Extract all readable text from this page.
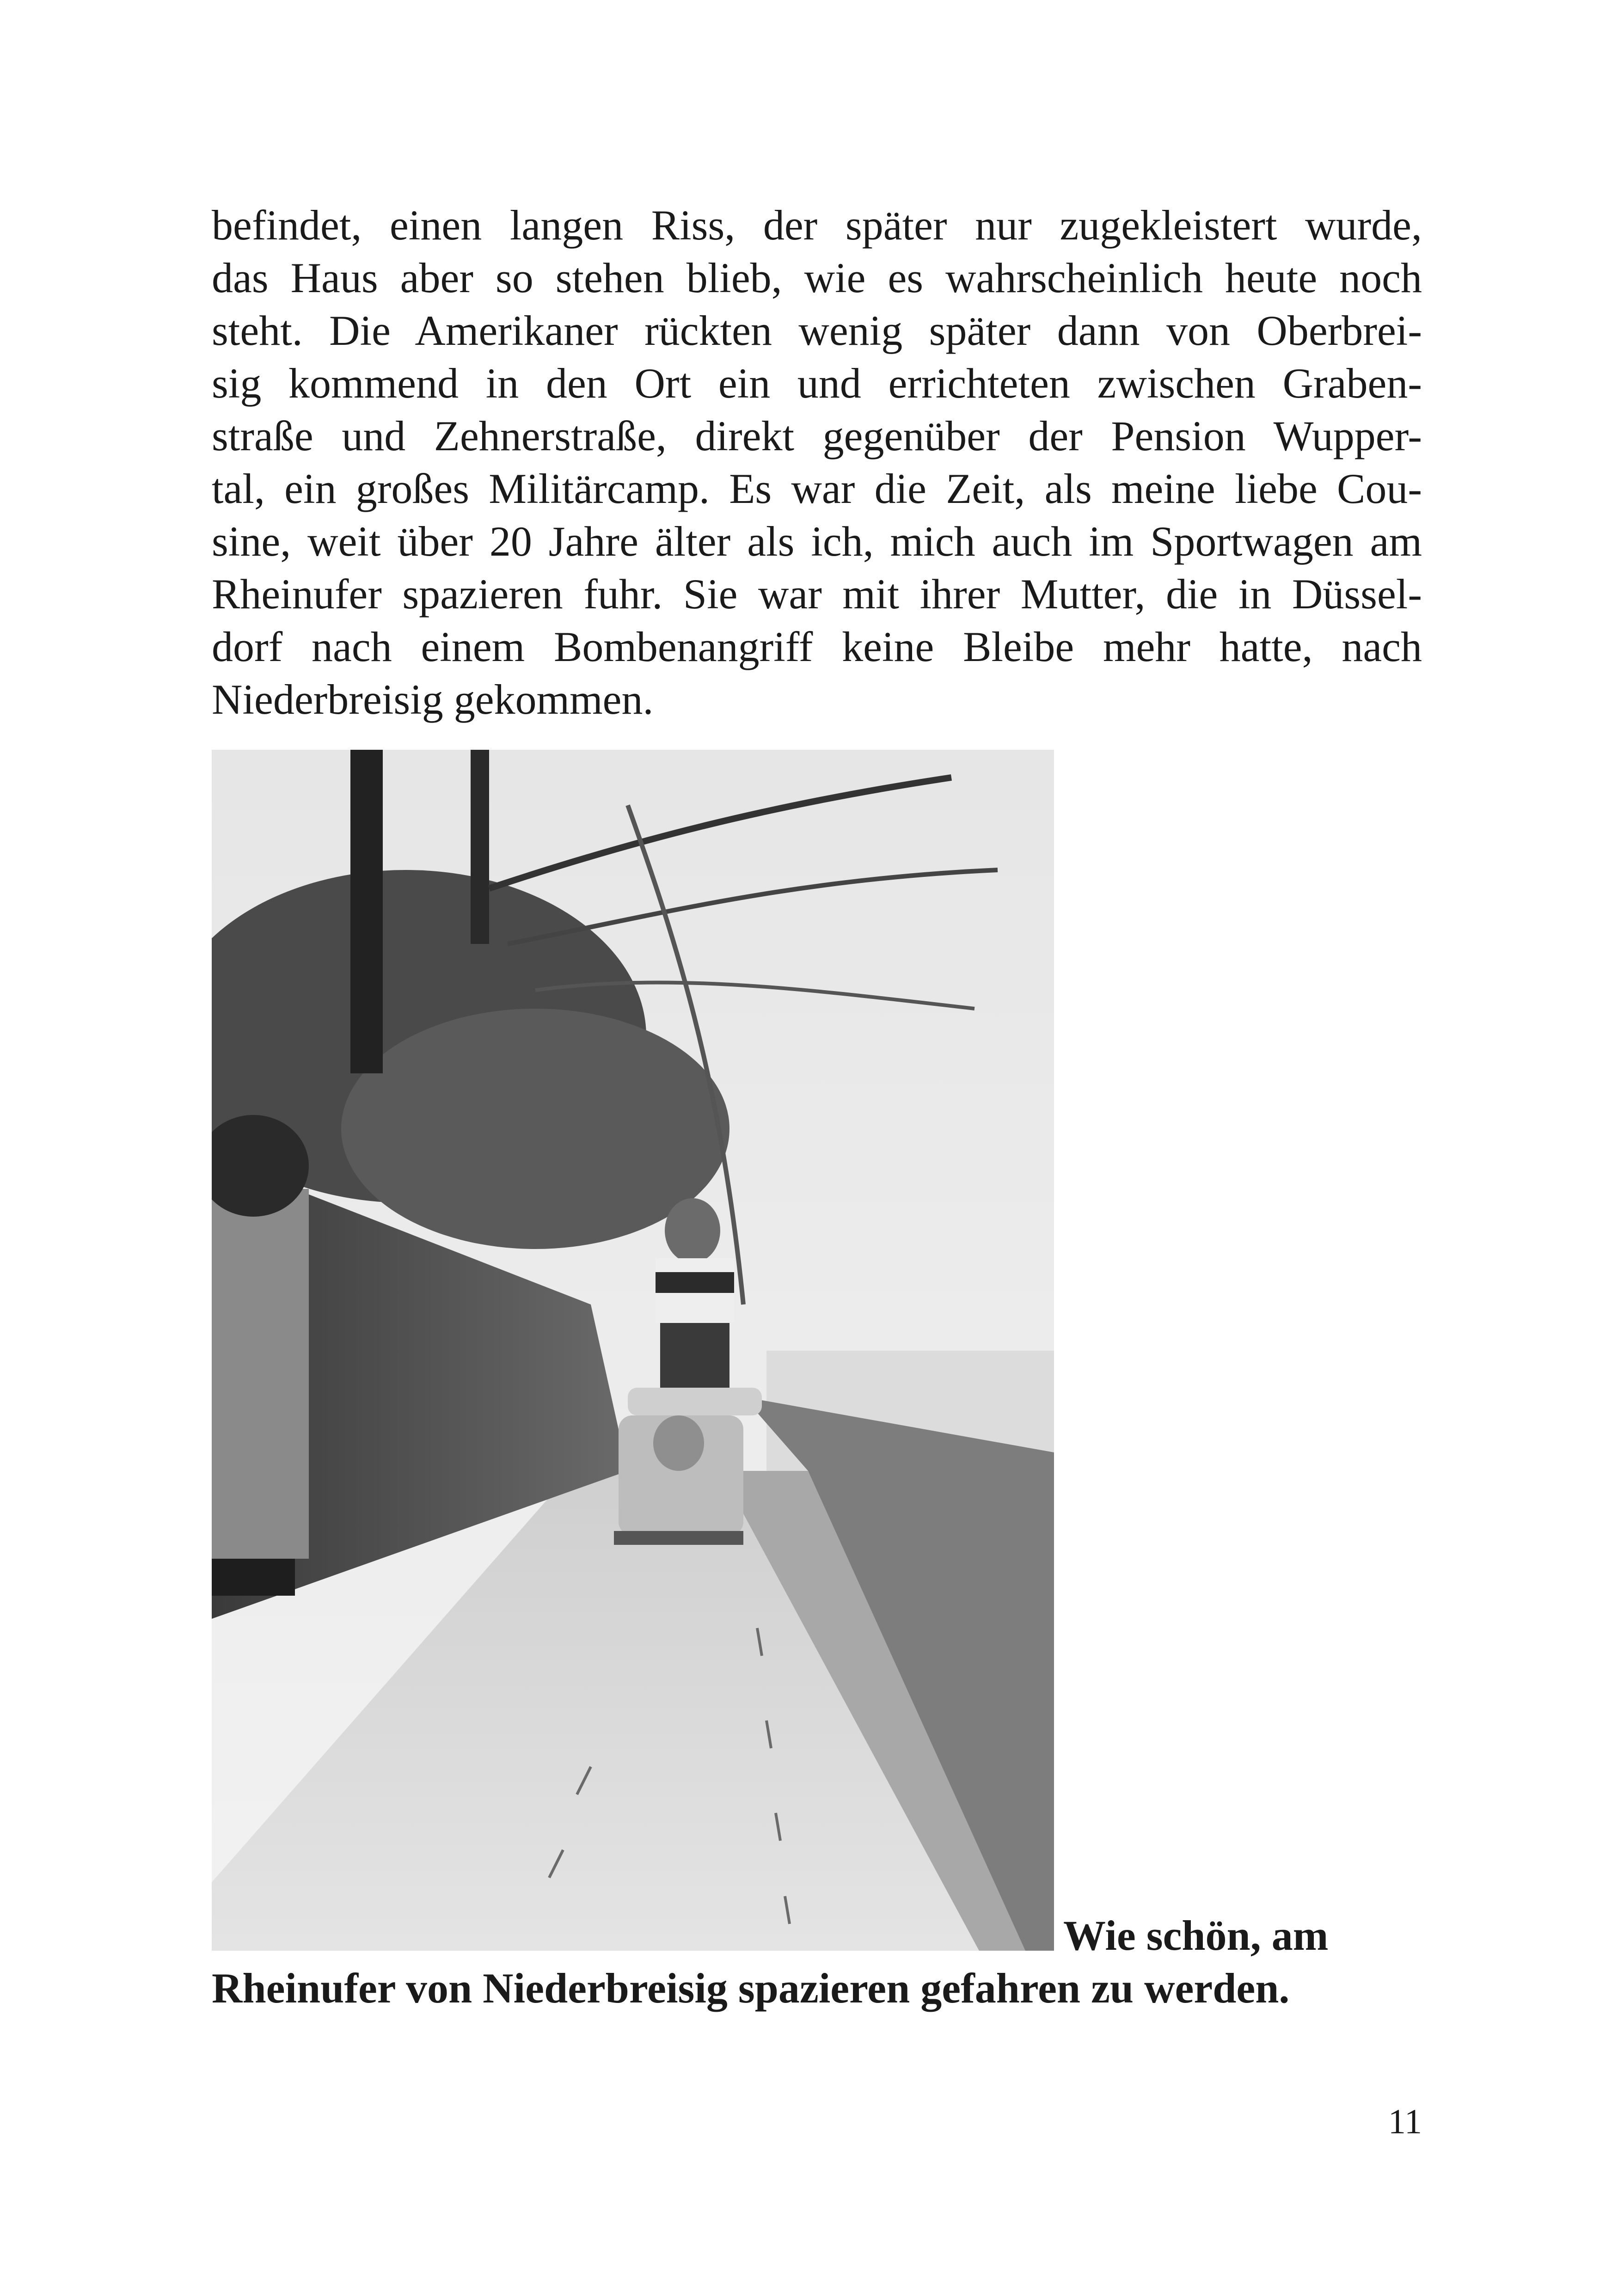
befindet, einen langen Riss, der später nur zugekleistert wurde,
das Haus aber so stehen blieb, wie es wahrscheinlich heute noch
steht. Die Amerikaner rückten wenig später dann von Oberbrei-
sig kommend in den Ort ein und errichteten zwischen Graben-
straße und Zehnerstraße, direkt gegenüber der Pension Wupper-
tal, ein großes Militärcamp. Es war die Zeit, als meine liebe Cou-
sine, weit über 20 Jahre älter als ich, mich auch im Sportwagen am
Rheinufer spazieren fuhr. Sie war mit ihrer Mutter, die in Düssel-
dorf nach einem Bombenangriff keine Bleibe mehr hatte, nach
Niederbreisig gekommen.
Wie schön, am
Rheinufer von Niederbreisig spazieren gefahren zu werden.
11
